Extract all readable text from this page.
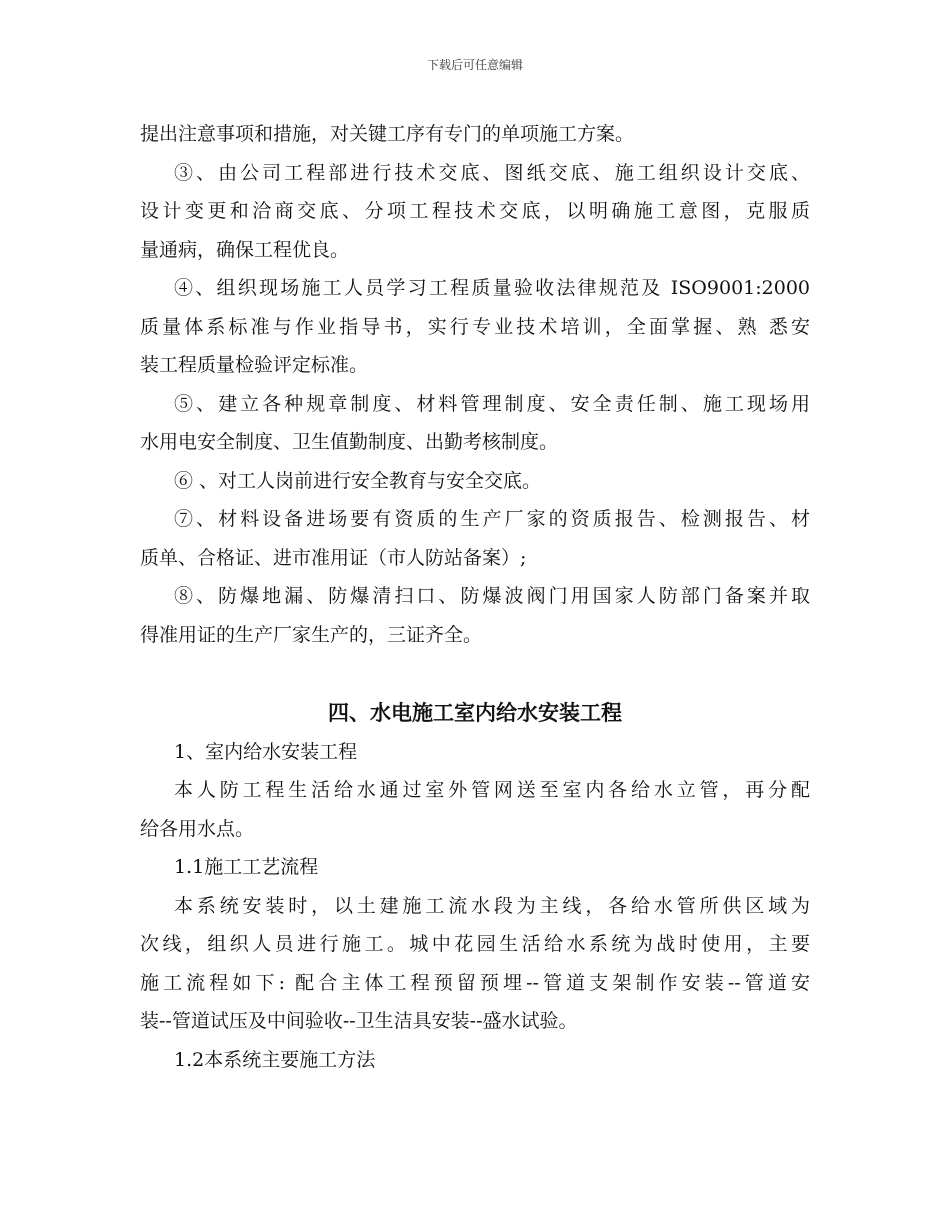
下载后可任意编辑
提出注意事项和措施，对关键工序有专门的单项施工方案。
③、由公司工程部进行技术交底、图纸交底、施工组织设计交底、
设计变更和洽商交底、分项工程技术交底，以明确施工意图，克服质
量通病，确保工程优良。
④、组织现场施工人员学习工程质量验收法律规范及 ISO9001:2000
质量体系标准与作业指导书，实行专业技术培训，全面掌握、熟 悉安
装工程质量检验评定标准。
⑤、建立各种规章制度、材料管理制度、安全责任制、施工现场用
水用电安全制度、卫生值勤制度、出勤考核制度。
⑥ 、对工人岗前进行安全教育与安全交底。
⑦、材料设备进场要有资质的生产厂家的资质报告、检测报告、材
质单、合格证、进市准用证（市人防站备案）;
⑧、防爆地漏、防爆清扫口、防爆波阀门用国家人防部门备案并取
得准用证的生产厂家生产的，三证齐全。
四、水电施工室内给水安装工程
1、室内给水安装工程
本人防工程生活给水通过室外管网送至室内各给水立管，再分配
给各用水点。
1.1施工工艺流程
本系统安装时，以土建施工流水段为主线，各给水管所供区域为
次线，组织人员进行施工。城中花园生活给水系统为战时使用，主要
施工流程如下: 配合主体工程预留预埋--管道支架制作安装--管道安
装--管道试压及中间验收--卫生洁具安装--盛水试验。
1.2本系统主要施工方法
